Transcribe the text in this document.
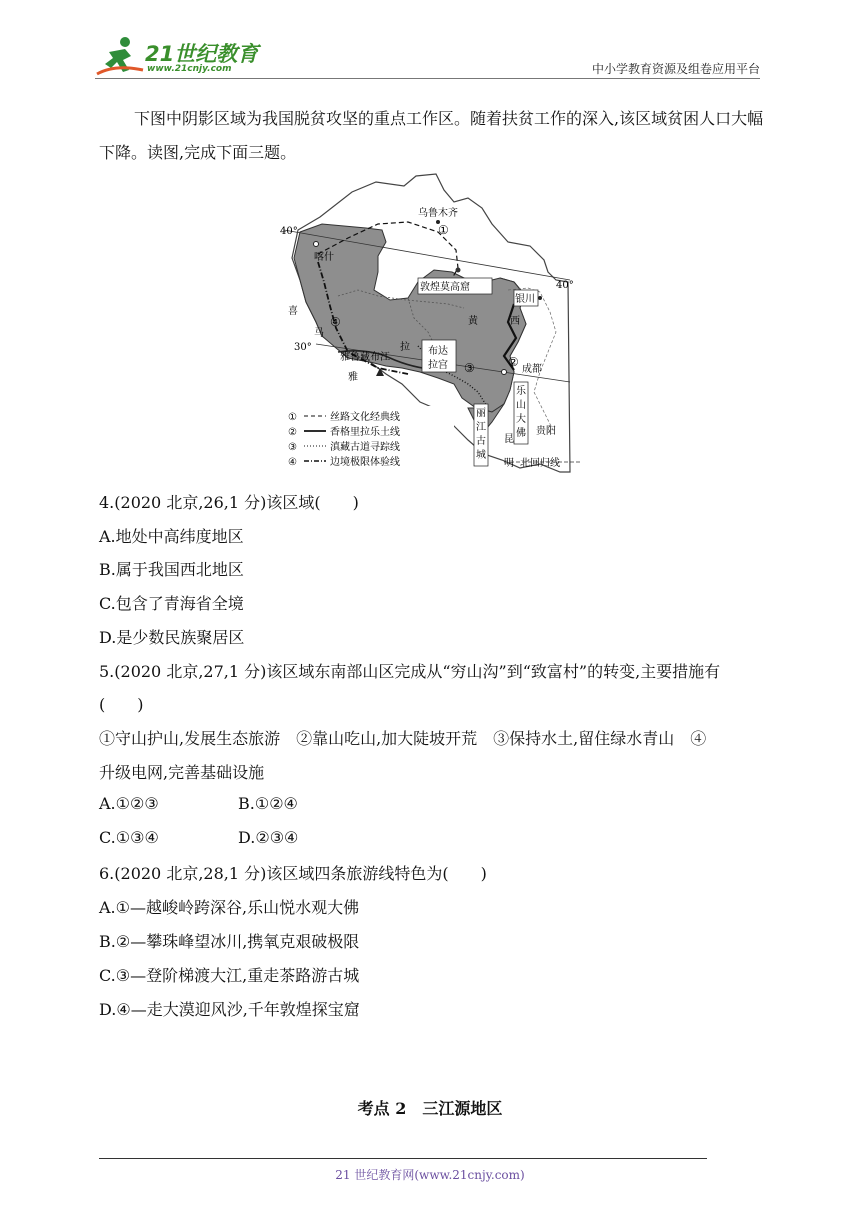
21世纪教育
www.21cnjy.com	中小学教育资源及组卷应用平台
下图中阴影区域为我国脱贫攻坚的重点工作区。随着扶贫工作的深入,该区域贫困人口大幅下降。读图,完成下面三题。
乌鲁木齐
40°
40°
30°
喀什
①
敦煌莫高窟
银川
喜
马
④	黄	西
布达
拉宫
拉
雅鲁藏布江
雅
③	②
成都
乐
山
大
佛
丽
江
古
城
昆
明
贵阳
北回归线
①	丝路文化经典线
②	香格里拉乐土线
③	滇藏古道寻踪线
④	边境极限体验线
4.(2020 北京,26,1 分)该区域(　　)
A.地处中高纬度地区
B.属于我国西北地区
C.包含了青海省全境
D.是少数民族聚居区
5.(2020 北京,27,1 分)该区域东南部山区完成从“穷山沟”到“致富村”的转变,主要措施有
(　　)
①守山护山,发展生态旅游　②靠山吃山,加大陡坡开荒　③保持水土,留住绿水青山　④
升级电网,完善基础设施
A.①②③	B.①②④
C.①③④	D.②③④
6.(2020 北京,28,1 分)该区域四条旅游线特色为(　　)
A.①—越峻岭跨深谷,乐山悦水观大佛
B.②—攀珠峰望冰川,携氧克艰破极限
C.③—登阶梯渡大江,重走茶路游古城
D.④—走大漠迎风沙,千年敦煌探宝窟
考点 2　三江源地区
21 世纪教育网(www.21cnjy.com)
